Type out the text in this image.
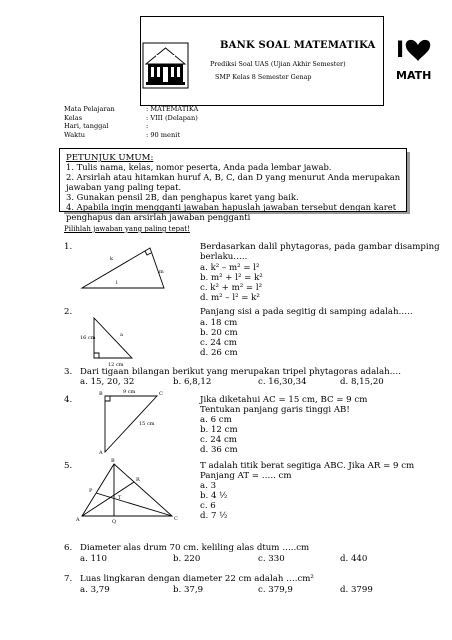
BANK SOAL MATEMATIKA
Prediksi Soal UAS (Ujian Akhir Semester)
SMP Kelas 8 Semester Genap
I
MATH
Mata Pelajaran	: MATEMATIKA
Kelas	: VIII (Delapan)
Hari, tanggal	:
Waktu	: 90 menit
PETUNJUK UMUM:
1. Tulis nama, kelas, nomor peserta, Anda pada lembar jawab.
2. Arsirlah atau hitamkan huruf A, B, C, dan D yang menurut Anda merupakan
jawaban yang paling tepat.
3. Gunakan pensil 2B, dan penghapus karet yang baik.
4. Apabila ingin mengganti jawaban hapuslah jawaban tersebut dengan karet
penghapus dan arsirlah jawaban pengganti
Pilihlah jawaban yang paling tepat!
1.
k
m
l
Berdasarkan dalil phytagoras, pada gambar disamping
berlaku…..
a. k² – m² = l²
b. m² + l² = k²
c. k² + m² = l²
d. m² – l² = k²
2.
16 cm	a
12 cm
Panjang sisi a pada segitig di samping adalah…..
a. 18 cm
b. 20 cm
c. 24 cm
d. 26 cm
3. Dari tigaan bilangan berikut yang merupakan tripel phytagoras adalah….
a. 15, 20, 32	b. 6,8,12	c. 16,30,34	d. 8,15,20
4.
B	C
A
9 cm
15 cm
Jika diketahui AC = 15 cm, BC = 9 cm
Tentukan panjang garis tinggi AB!
a. 6 cm
b. 12 cm
c. 24 cm
d. 36 cm
5.
A
B
C
P
Q
R
T
T adalah titik berat segitiga ABC. Jika AR = 9 cm
Panjang AT = ….. cm
a. 3
b. 4 ½
c. 6
d. 7 ½
6. Diameter alas drum 70 cm. keliling alas dtum …..cm
a. 110	b. 220	c. 330	d. 440
7. Luas lingkaran dengan diameter 22 cm adalah ….cm²
a. 3,79	b. 37,9	c. 379,9	d. 3799
